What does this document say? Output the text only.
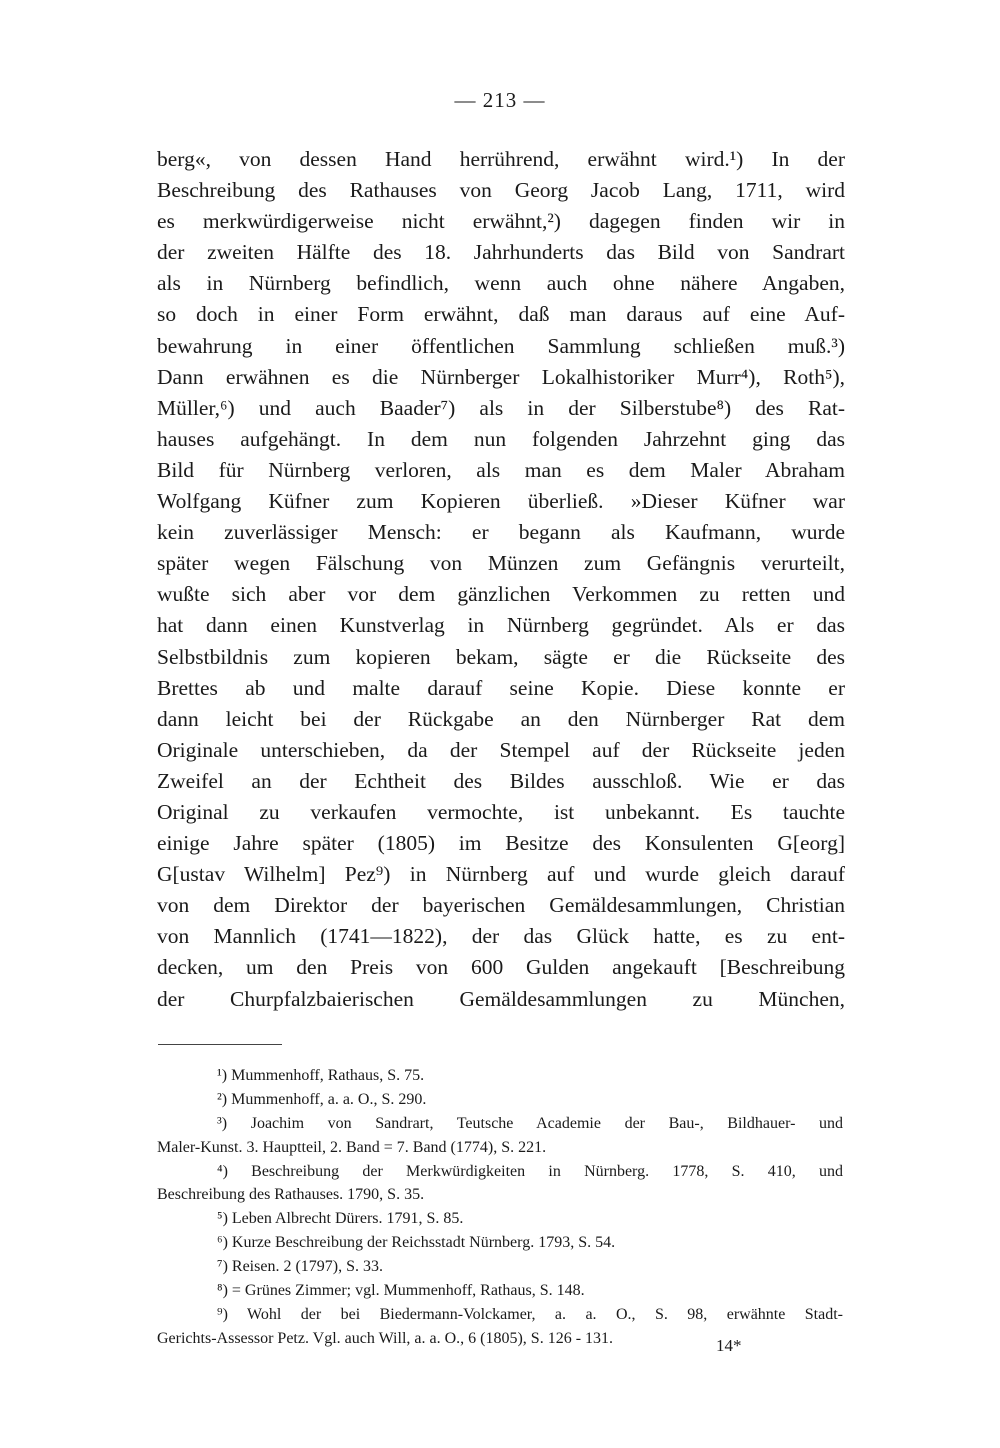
— 213 —
berg«, von dessen Hand herrührend, erwähnt wird.¹) In der
Beschreibung des Rathauses von Georg Jacob Lang, 1711, wird
es merkwürdigerweise nicht erwähnt,²) dagegen finden wir in
der zweiten Hälfte des 18. Jahrhunderts das Bild von Sandrart
als in Nürnberg befindlich, wenn auch ohne nähere Angaben,
so doch in einer Form erwähnt, daß man daraus auf eine Auf-
bewahrung in einer öffentlichen Sammlung schließen muß.³)
Dann erwähnen es die Nürnberger Lokalhistoriker Murr⁴), Roth⁵),
Müller,⁶) und auch Baader⁷) als in der Silberstube⁸) des Rat-
hauses aufgehängt. In dem nun folgenden Jahrzehnt ging das
Bild für Nürnberg verloren, als man es dem Maler Abraham
Wolfgang Küfner zum Kopieren überließ. »Dieser Küfner war
kein zuverlässiger Mensch: er begann als Kaufmann, wurde
später wegen Fälschung von Münzen zum Gefängnis verurteilt,
wußte sich aber vor dem gänzlichen Verkommen zu retten und
hat dann einen Kunstverlag in Nürnberg gegründet. Als er das
Selbstbildnis zum kopieren bekam, sägte er die Rückseite des
Brettes ab und malte darauf seine Kopie. Diese konnte er
dann leicht bei der Rückgabe an den Nürnberger Rat dem
Originale unterschieben, da der Stempel auf der Rückseite jeden
Zweifel an der Echtheit des Bildes ausschloß. Wie er das
Original zu verkaufen vermochte, ist unbekannt. Es tauchte
einige Jahre später (1805) im Besitze des Konsulenten G[eorg]
G[ustav Wilhelm] Pez⁹) in Nürnberg auf und wurde gleich darauf
von dem Direktor der bayerischen Gemäldesammlungen, Christian
von Mannlich (1741—1822), der das Glück hatte, es zu ent-
decken, um den Preis von 600 Gulden angekauft [Beschreibung
der Churpfalzbaierischen Gemäldesammlungen zu München,
¹) Mummenhoff, Rathaus, S. 75.
²) Mummenhoff, a. a. O., S. 290.
³) Joachim von Sandrart, Teutsche Academie der Bau-, Bildhauer- und
Maler-Kunst. 3. Hauptteil, 2. Band = 7. Band (1774), S. 221.
⁴) Beschreibung der Merkwürdigkeiten in Nürnberg. 1778, S. 410, und
Beschreibung des Rathauses. 1790, S. 35.
⁵) Leben Albrecht Dürers. 1791, S. 85.
⁶) Kurze Beschreibung der Reichsstadt Nürnberg. 1793, S. 54.
⁷) Reisen. 2 (1797), S. 33.
⁸) = Grünes Zimmer; vgl. Mummenhoff, Rathaus, S. 148.
⁹) Wohl der bei Biedermann-Volckamer, a. a. O., S. 98, erwähnte Stadt-
Gerichts-Assessor Petz. Vgl. auch Will, a. a. O., 6 (1805), S. 126 - 131.	14*
